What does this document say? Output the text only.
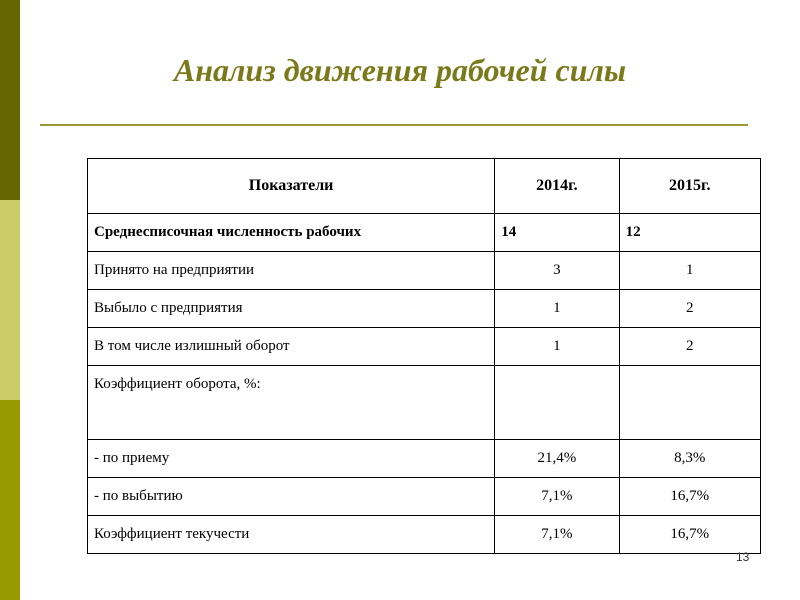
Анализ движения рабочей силы
Показатели	2014г.	2015г.
Среднесписочная численность рабочих	14	12
Принято на предприятии	3	1
Выбыло с предприятия	1	2
В том числе излишный оборот	1	2
Коэффициент оборота, %:		
- по приему	21,4%	8,3%
- по выбытию	7,1%	16,7%
Коэффициент текучести	7,1%	16,7%
13
